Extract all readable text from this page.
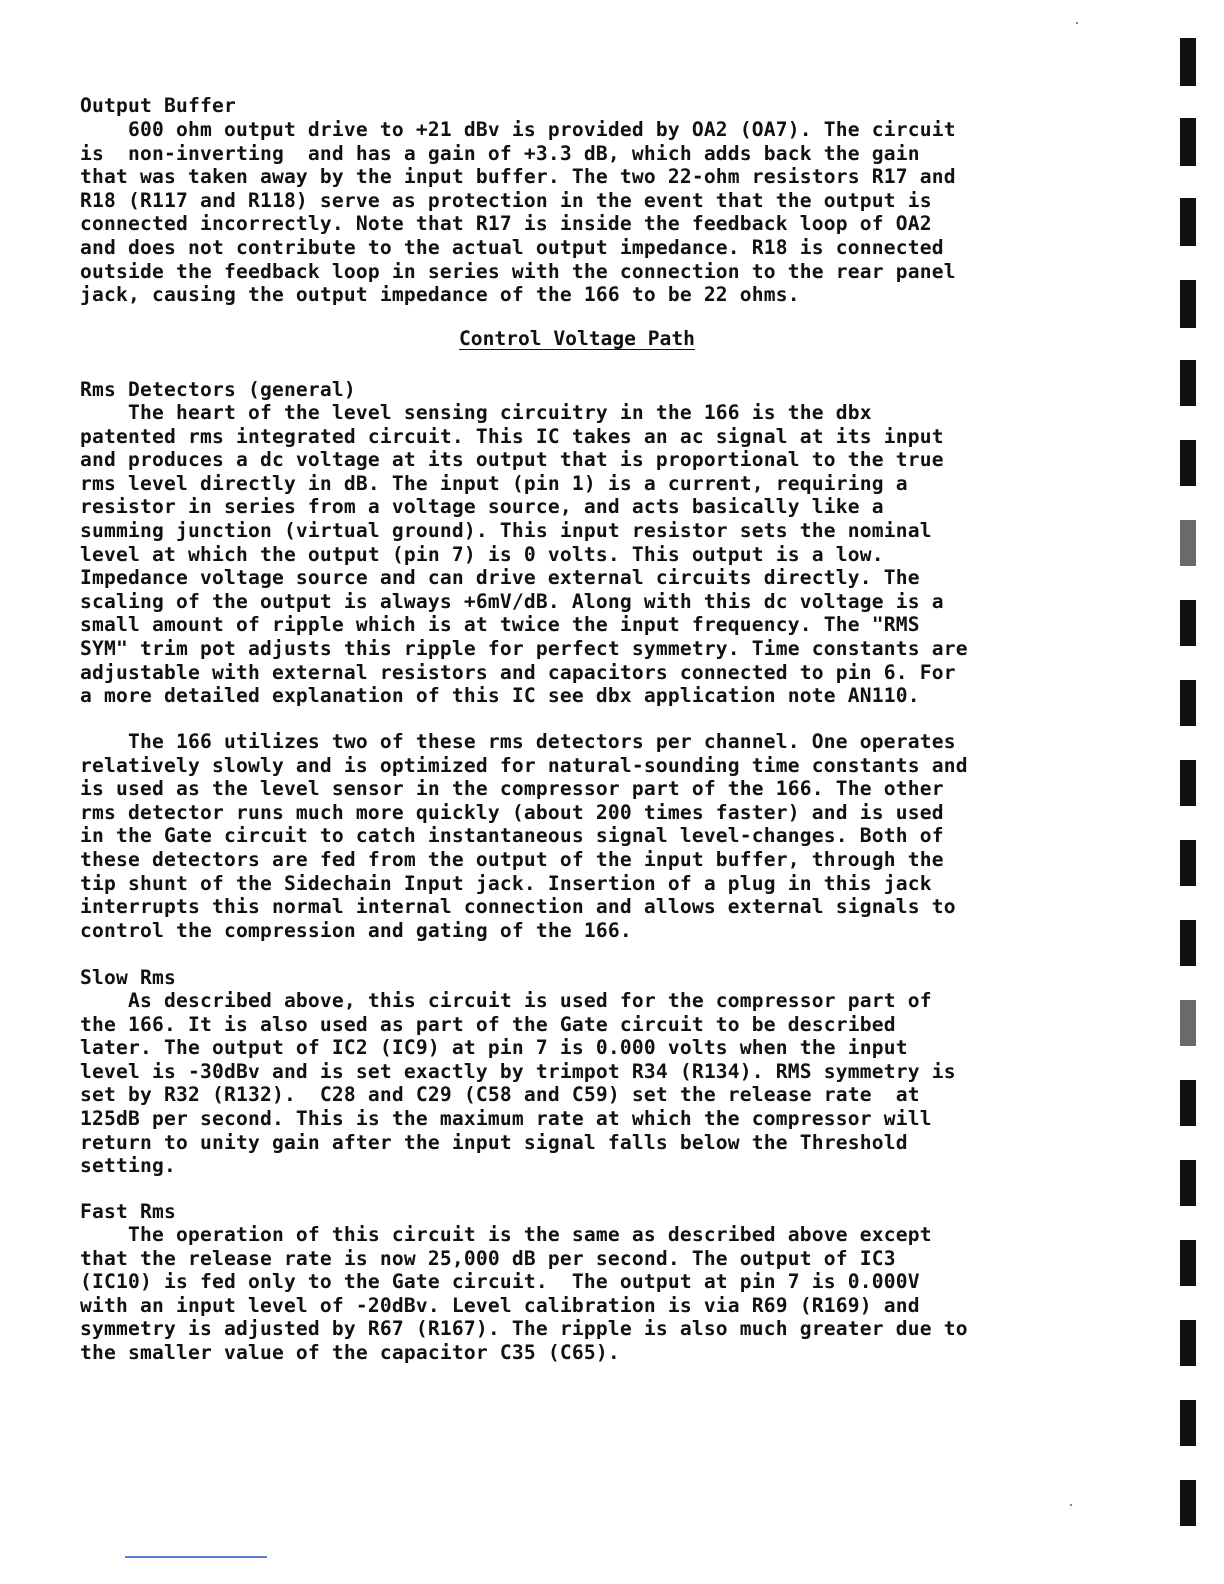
Output Buffer
600 ohm output drive to +21 dBv is provided by OA2 (OA7). The circuit
is  non-inverting  and has a gain of +3.3 dB, which adds back the gain
that was taken away by the input buffer. The two 22-ohm resistors R17 and
R18 (R117 and R118) serve as protection in the event that the output is
connected incorrectly. Note that R17 is inside the feedback loop of OA2
and does not contribute to the actual output impedance. R18 is connected
outside the feedback loop in series with the connection to the rear panel
jack, causing the output impedance of the 166 to be 22 ohms.
Control Voltage Path
Rms Detectors (general)
The heart of the level sensing circuitry in the 166 is the dbx
patented rms integrated circuit. This IC takes an ac signal at its input
and produces a dc voltage at its output that is proportional to the true
rms level directly in dB. The input (pin 1) is a current, requiring a
resistor in series from a voltage source, and acts basically like a
summing junction (virtual ground). This input resistor sets the nominal
level at which the output (pin 7) is 0 volts. This output is a low.
Impedance voltage source and can drive external circuits directly. The
scaling of the output is always +6mV/dB. Along with this dc voltage is a
small amount of ripple which is at twice the input frequency. The "RMS
SYM" trim pot adjusts this ripple for perfect symmetry. Time constants are
adjustable with external resistors and capacitors connected to pin 6. For
a more detailed explanation of this IC see dbx application note AN110.
The 166 utilizes two of these rms detectors per channel. One operates
relatively slowly and is optimized for natural-sounding time constants and
is used as the level sensor in the compressor part of the 166. The other
rms detector runs much more quickly (about 200 times faster) and is used
in the Gate circuit to catch instantaneous signal level-changes. Both of
these detectors are fed from the output of the input buffer, through the
tip shunt of the Sidechain Input jack. Insertion of a plug in this jack
interrupts this normal internal connection and allows external signals to
control the compression and gating of the 166.
Slow Rms
As described above, this circuit is used for the compressor part of
the 166. It is also used as part of the Gate circuit to be described
later. The output of IC2 (IC9) at pin 7 is 0.000 volts when the input
level is -30dBv and is set exactly by trimpot R34 (R134). RMS symmetry is
set by R32 (R132).  C28 and C29 (C58 and C59) set the release rate  at
125dB per second. This is the maximum rate at which the compressor will
return to unity gain after the input signal falls below the Threshold
setting.
Fast Rms
The operation of this circuit is the same as described above except
that the release rate is now 25,000 dB per second. The output of IC3
(IC10) is fed only to the Gate circuit.  The output at pin 7 is 0.000V
with an input level of -20dBv. Level calibration is via R69 (R169) and
symmetry is adjusted by R67 (R167). The ripple is also much greater due to
the smaller value of the capacitor C35 (C65).
